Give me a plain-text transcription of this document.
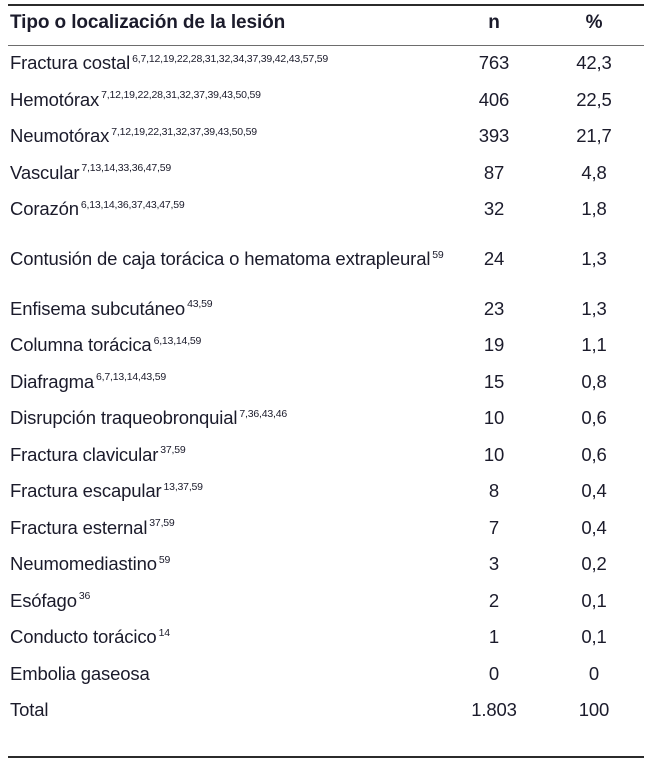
Tipo o localización de la lesión	n	%
Fractura costal $^{6,7,12,19,22,28,31,32,34,37,39,42,43,57,59}$	763	42,3
Hemotórax $^{7,12,19,22,28,31,32,37,39,43,50,59}$	406	22,5
Neumotórax $^{7,12,19,22,31,32,37,39,43,50,59}$	393	21,7
Vascular $^{7,13,14,33,36,47,59}$	87	4,8
Corazón $^{6,13,14,36,37,43,47,59}$	32	1,8
Contusión de caja torácica o hematoma extrapleural $^{59}$	24	1,3
Enfisema subcutáneo $^{43,59}$	23	1,3
Columna torácica $^{6,13,14,59}$	19	1,1
Diafragma $^{6,7,13,14,43,59}$	15	0,8
Disrupción traqueobronquial $^{7,36,43,46}$	10	0,6
Fractura clavicular $^{37,59}$	10	0,6
Fractura escapular $^{13,37,59}$	8	0,4
Fractura esternal $^{37,59}$	7	0,4
Neumomediastino $^{59}$	3	0,2
Esófago $^{36}$	2	0,1
Conducto torácico $^{14}$	1	0,1
Embolia gaseosa	0	0
Total	1.803	100
